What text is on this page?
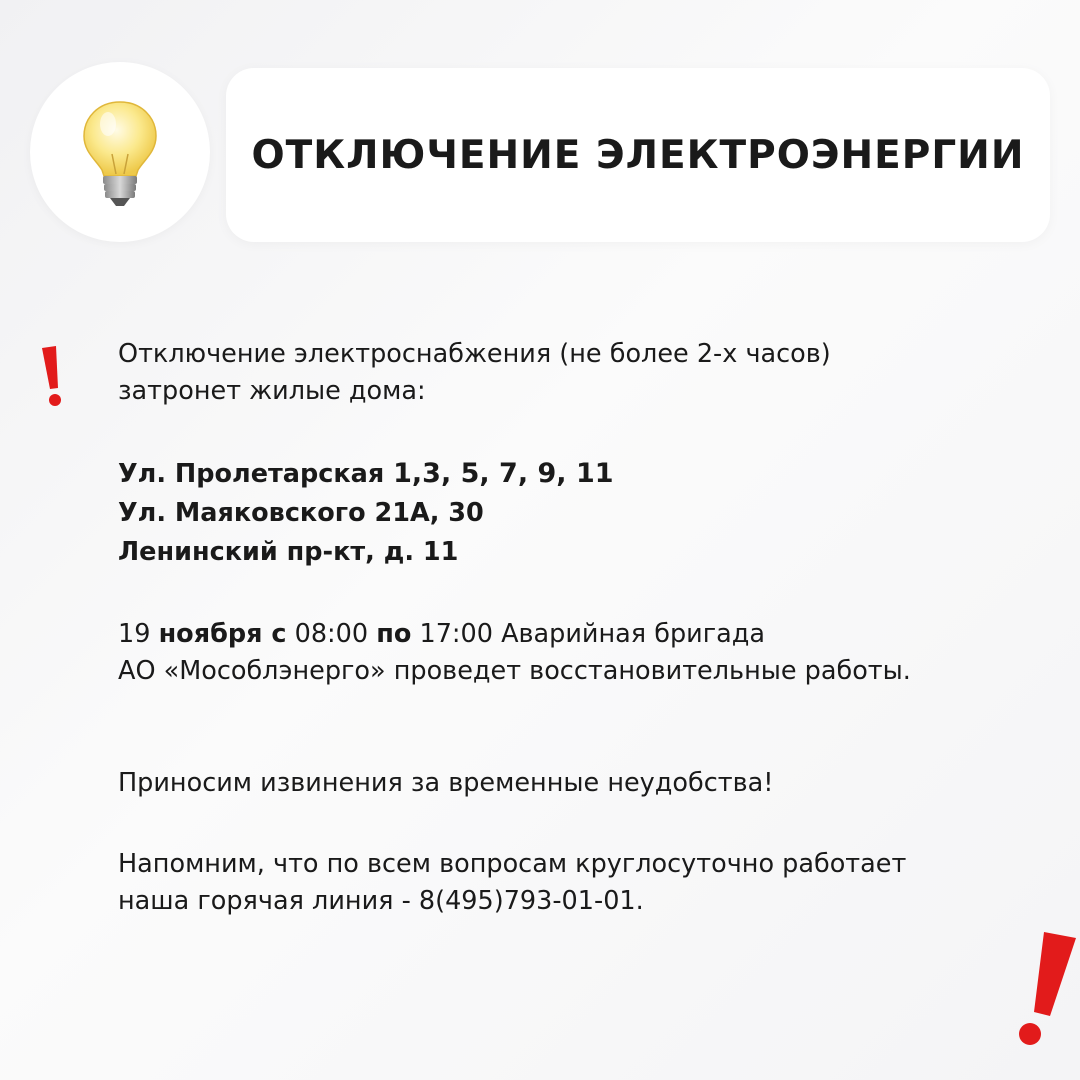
ОТКЛЮЧЕНИЕ ЭЛЕКТРОЭНЕРГИИ

Отключение электроснабжения (не более 2-х часов)

затронет жилые дома:

Ул. Пролетарская 1,3, 5, 7, 9, 11

Ул. Маяковского 21А, 30

Ленинский пр-кт, д. 11

19 ноября с 08:00 по 17:00 Аварийная бригада

АО «Мособлэнерго» проведет восстановительные работы.

Приносим извинения за временные неудобства!

Напомним, что по всем вопросам круглосуточно работает

наша горячая линия - 8(495)793-01-01.
